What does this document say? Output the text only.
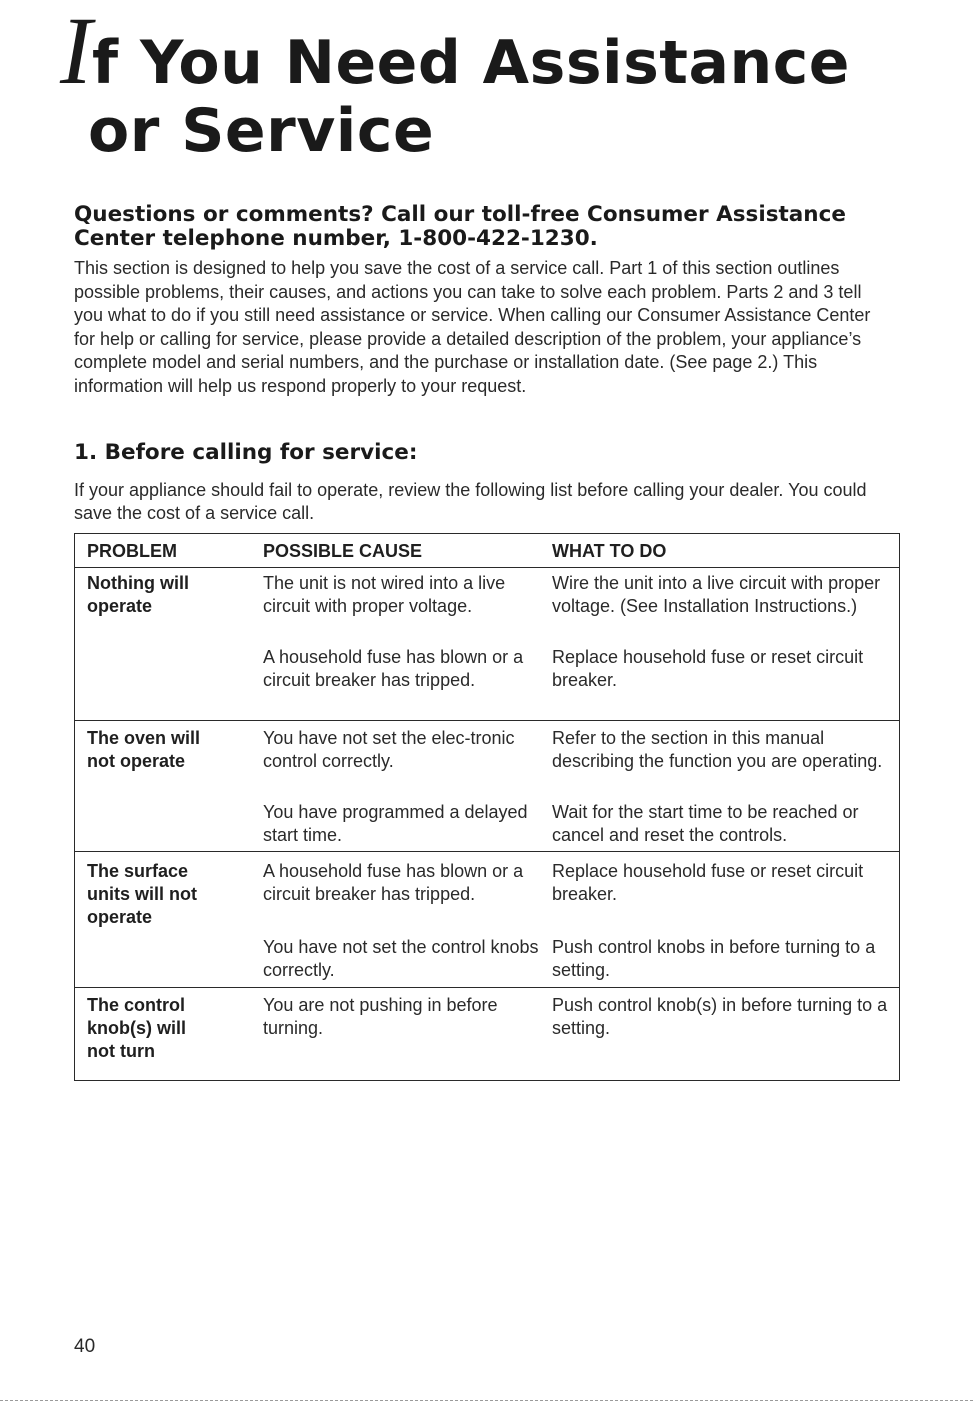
If You Need Assistance
or Service

Questions or comments? Call our toll-free Consumer Assistance Center telephone number, 1-800-422-1230.

This section is designed to help you save the cost of a service call. Part 1 of this section outlines possible problems, their causes, and actions you can take to solve each problem. Parts 2 and 3 tell you what to do if you still need assistance or service. When calling our Consumer Assistance Center for help or calling for service, please provide a detailed description of the problem, your appliance’s complete model and serial numbers, and the purchase or installation date. (See page 2.) This information will help us respond properly to your request.

1. Before calling for service:

If your appliance should fail to operate, review the following list before calling your dealer. You could save the cost of a service call.

PROBLEM	POSSIBLE CAUSE	WHAT TO DO
Nothing will
operate
The unit is not wired into a live circuit with proper voltage.
Wire the unit into a live circuit with proper voltage. (See Installation Instructions.)
A household fuse has blown or a circuit breaker has tripped.
Replace household fuse or reset circuit breaker.
The oven will
not operate
You have not set the elec-tronic control correctly.
Refer to the section in this manual describing the function you are operating.
You have programmed a delayed start time.
Wait for the start time to be reached or cancel and reset the controls.
The surface
units will not
operate
A household fuse has blown or a circuit breaker has tripped.
Replace household fuse or reset circuit breaker.
You have not set the control knobs correctly.
Push control knobs in before turning to a setting.
The control
knob(s) will
not turn
You are not pushing in before turning.
Push control knob(s) in before turning to a setting.
40
